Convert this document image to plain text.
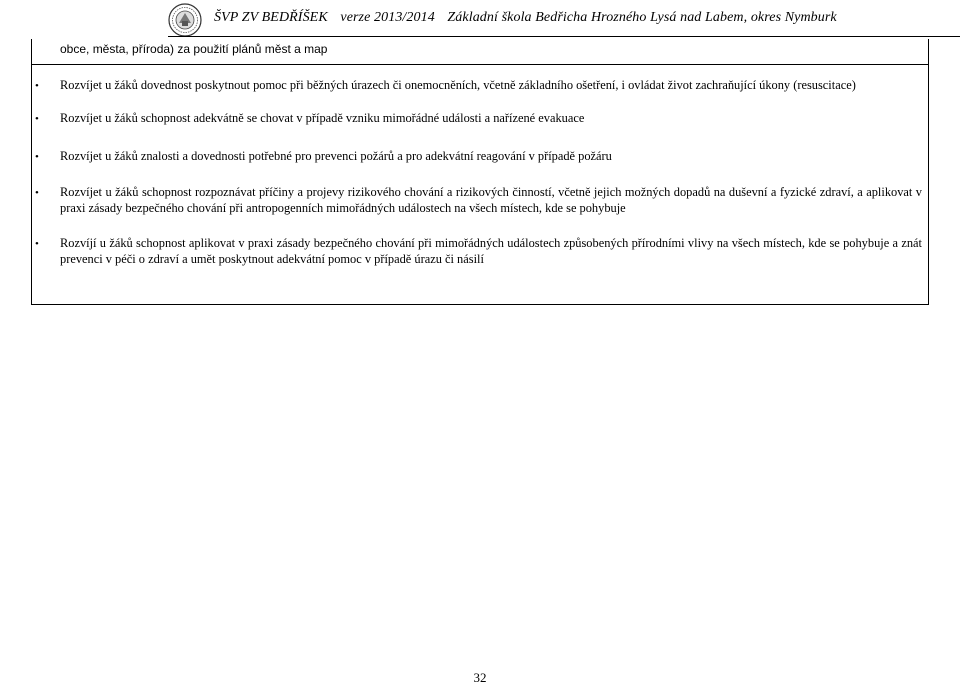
ŠVP ZV BEDŘÍŠEK verze 2013/2014 Základní škola Bedřicha Hrozného Lysá nad Labem, okres Nymburk
obce, města, příroda) za použití plánů měst a map
• Rozvíjet u žáků dovednost poskytnout pomoc při běžných úrazech či onemocněních, včetně základního ošetření, i ovládat život zachraňující úkony (resuscitace)
• Rozvíjet u žáků schopnost adekvátně se chovat v případě vzniku mimořádné události a nařízené evakuace
• Rozvíjet u žáků znalosti a dovednosti potřebné pro prevenci požárů a pro adekvátní reagování v případě požáru
• Rozvíjet u žáků schopnost rozpoznávat příčiny a projevy rizikového chování a rizikových činností, včetně jejich možných dopadů na duševní a fyzické zdraví, a aplikovat v praxi zásady bezpečného chování při antropogenních mimořádných událostech na všech místech, kde se pohybuje
• Rozvíjí u žáků schopnost aplikovat v praxi zásady bezpečného chování při mimořádných událostech způsobených přírodními vlivy na všech místech, kde se pohybuje a znát prevenci v péči o zdraví a umět poskytnout adekvátní pomoc v případě úrazu či násilí
32
